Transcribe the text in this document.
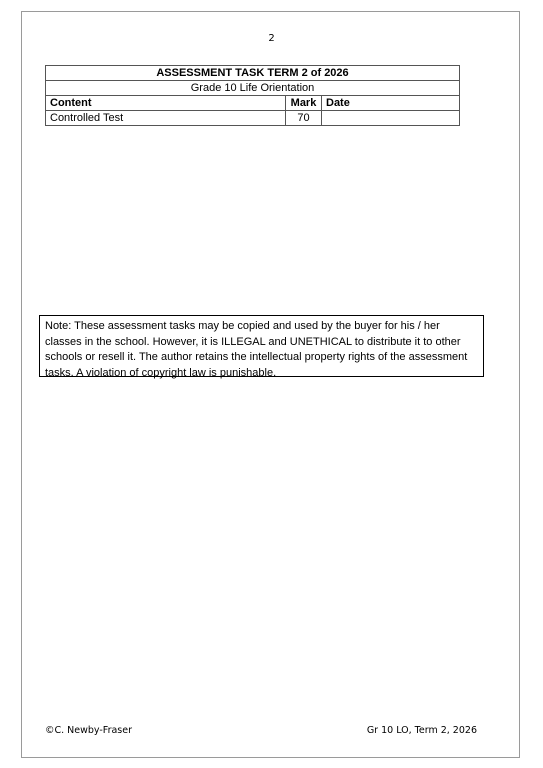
2
ASSESSMENT TASK TERM 2 of 2026		
Grade 10 Life Orientation		
Content	Mark	Date
Controlled Test	70	
Note: These assessment tasks may be copied and used by the buyer for his / her classes in the school. However, it is ILLEGAL and UNETHICAL to distribute it to other schools or resell it. The author retains the intellectual property rights of the assessment tasks. A violation of copyright law is punishable.
©C. Newby-Fraser	Gr 10 LO, Term 2, 2026
